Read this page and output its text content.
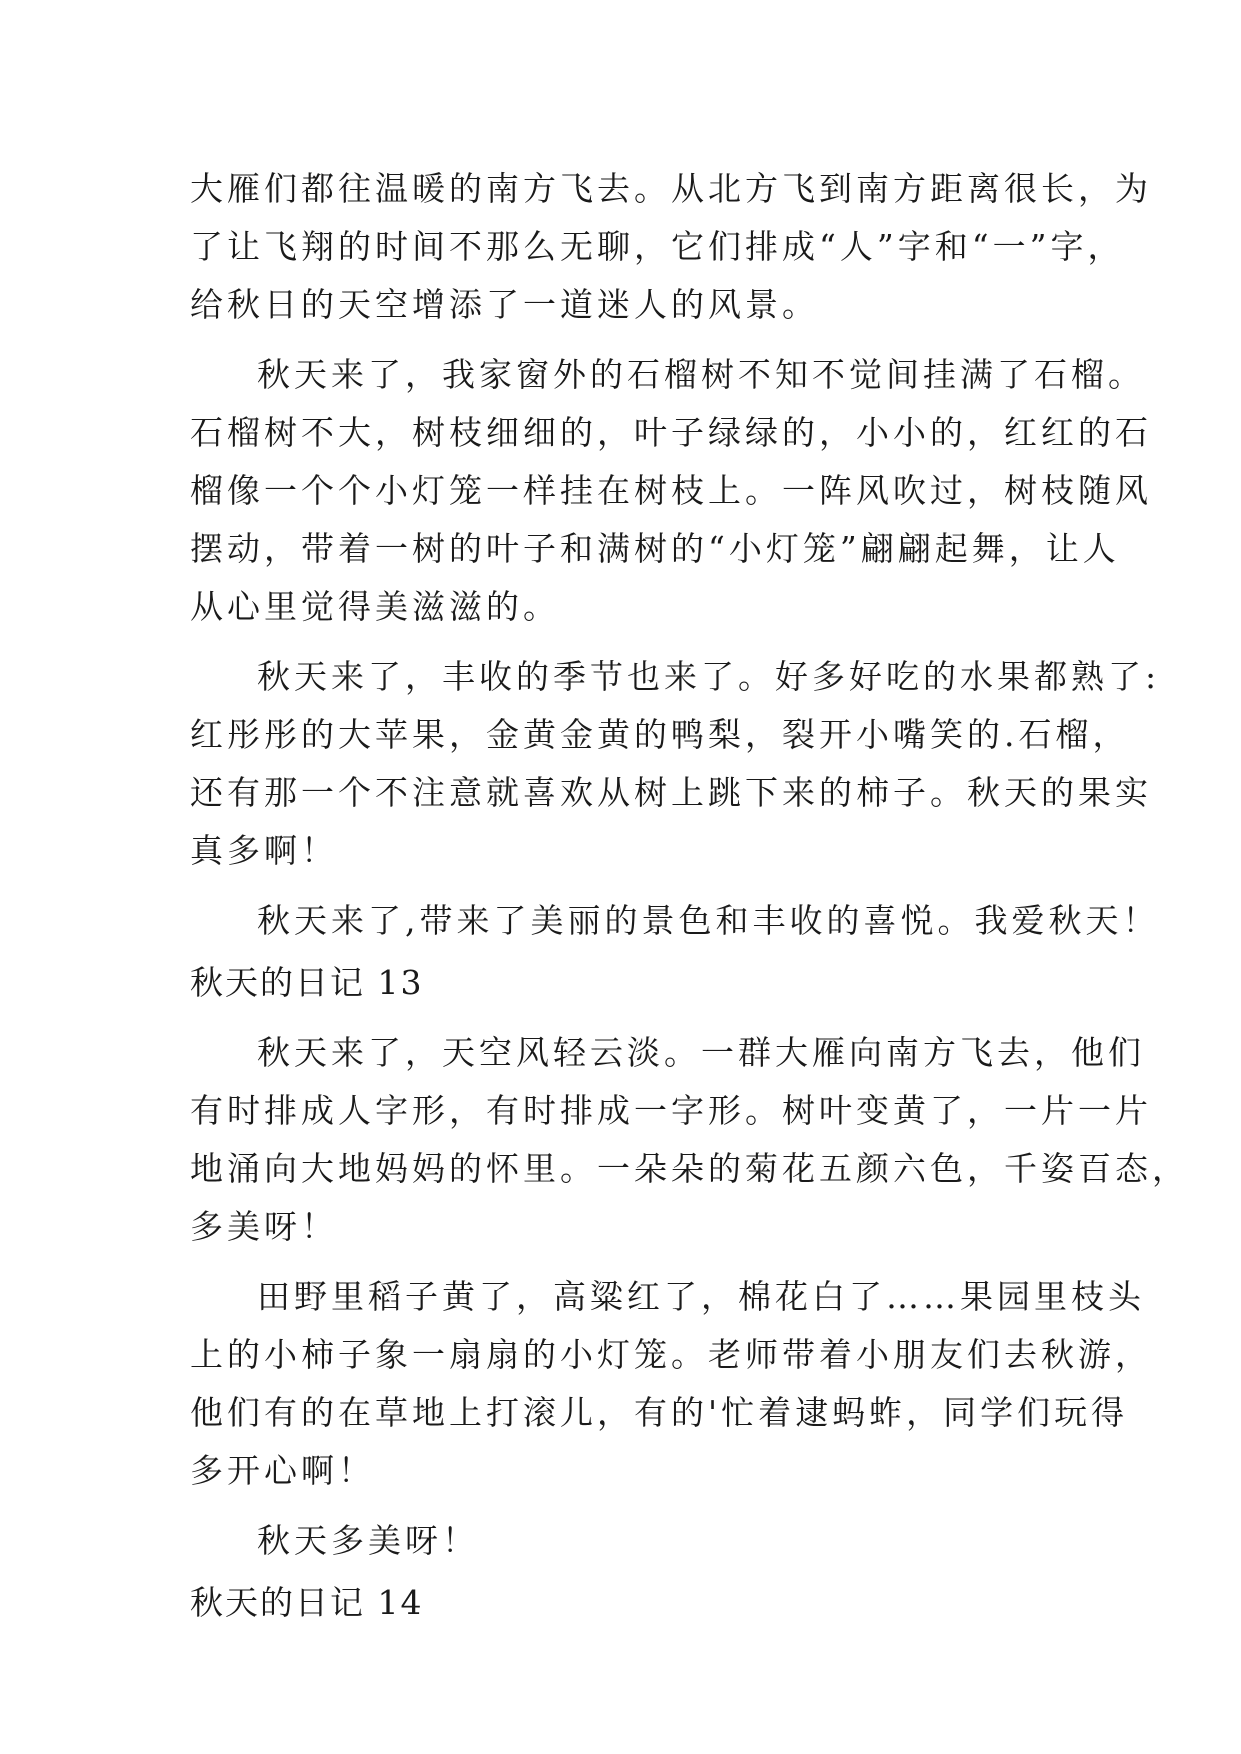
大雁们都往温暖的南方飞去。从北方飞到南方距离很长，为
了让飞翔的时间不那么无聊，它们排成“人”字和“一”字，
给秋日的天空增添了一道迷人的风景。
秋天来了，我家窗外的石榴树不知不觉间挂满了石榴。
石榴树不大，树枝细细的，叶子绿绿的，小小的，红红的石
榴像一个个小灯笼一样挂在树枝上。一阵风吹过，树枝随风
摆动，带着一树的叶子和满树的“小灯笼”翩翩起舞，让人
从心里觉得美滋滋的。
秋天来了，丰收的季节也来了。好多好吃的水果都熟了:
红彤彤的大苹果，金黄金黄的鸭梨，裂开小嘴笑的.石榴，
还有那一个不注意就喜欢从树上跳下来的柿子。秋天的果实
真多啊！
秋天来了,带来了美丽的景色和丰收的喜悦。我爱秋天！
秋天的日记 13
秋天来了，天空风轻云淡。一群大雁向南方飞去，他们
有时排成人字形，有时排成一字形。树叶变黄了，一片一片
地涌向大地妈妈的怀里。一朵朵的菊花五颜六色，千姿百态，
多美呀！
田野里稻子黄了，高粱红了，棉花白了……果园里枝头
上的小柿子象一扇扇的小灯笼。老师带着小朋友们去秋游，
他们有的在草地上打滚儿，有的'忙着逮蚂蚱，同学们玩得
多开心啊！
秋天多美呀！
秋天的日记 14
